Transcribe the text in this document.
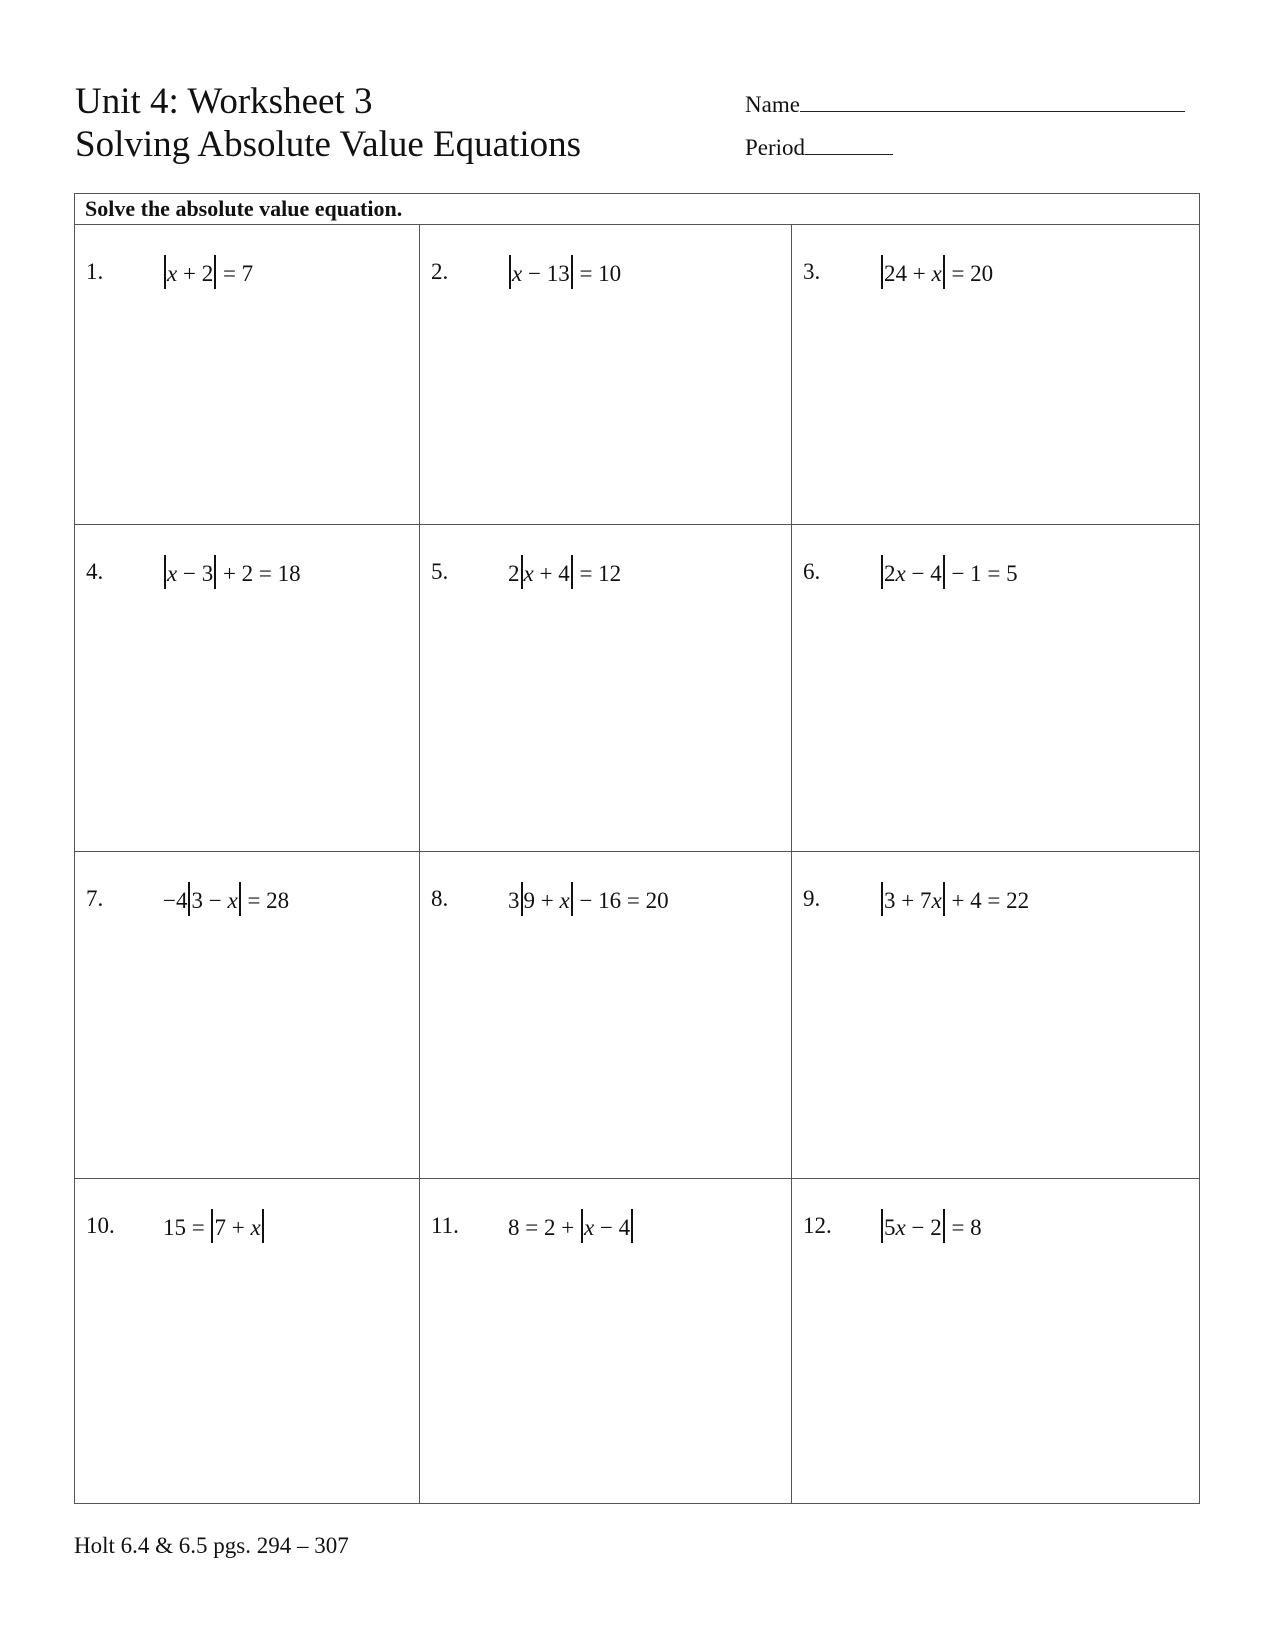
Unit 4: Worksheet 3
Solving Absolute Value Equations
Name
Period
Solve the absolute value equation.
1.	x + 2 = 7	2.	x − 13 = 10	3.	24 + x = 20
4.	x − 3 + 2 = 18	5.	2 x + 4 = 12	6.	2x − 4 − 1 = 5
7.	−4 3 − x = 28	8.	3 9 + x − 16 = 20	9.	3 + 7x + 4 = 22
10. 15 = 7 + x	11. 8 = 2 + x − 4	12. 5x − 2 = 8
Holt 6.4 & 6.5 pgs. 294 – 307
